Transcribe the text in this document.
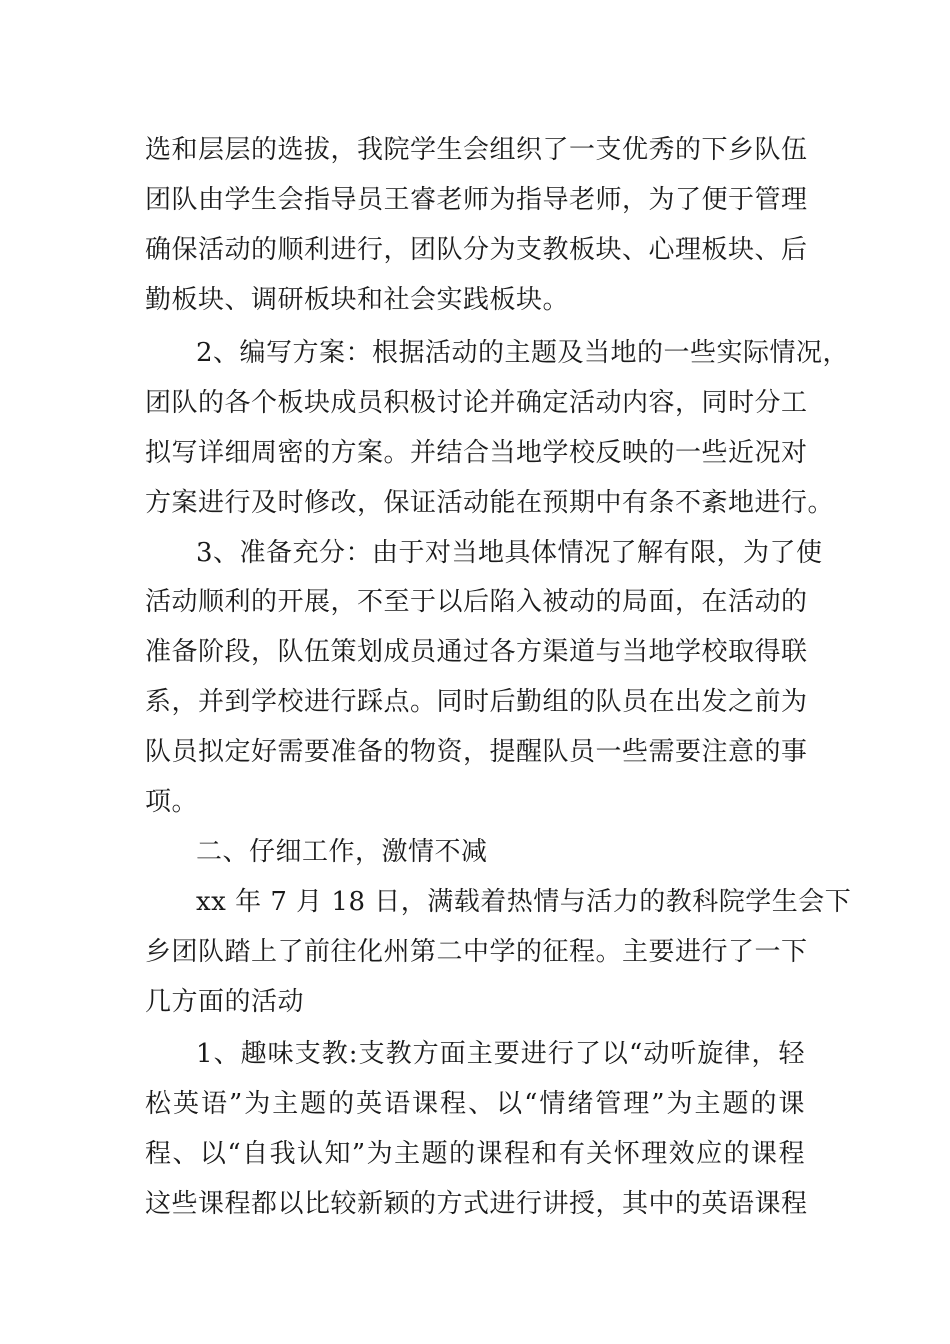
选和层层的选拔，我院学生会组织了一支优秀的下乡队伍
团队由学生会指导员王睿老师为指导老师，为了便于管理
确保活动的顺利进行，团队分为支教板块、心理板块、后
勤板块、调研板块和社会实践板块。
2、编写方案：根据活动的主题及当地的一些实际情况，
团队的各个板块成员积极讨论并确定活动内容，同时分工
拟写详细周密的方案。并结合当地学校反映的一些近况对
方案进行及时修改，保证活动能在预期中有条不紊地进行。
3、准备充分：由于对当地具体情况了解有限，为了使
活动顺利的开展，不至于以后陷入被动的局面，在活动的
准备阶段，队伍策划成员通过各方渠道与当地学校取得联
系，并到学校进行踩点。同时后勤组的队员在出发之前为
队员拟定好需要准备的物资，提醒队员一些需要注意的事
项。
二、仔细工作，激情不减
xx 年 7 月 18 日，满载着热情与活力的教科院学生会下
乡团队踏上了前往化州第二中学的征程。主要进行了一下
几方面的活动
1、趣味支教:支教方面主要进行了以“动听旋律，轻
松英语”为主题的英语课程、以“情绪管理”为主题的课
程、以“自我认知”为主题的课程和有关怀理效应的课程
这些课程都以比较新颖的方式进行讲授，其中的英语课程
